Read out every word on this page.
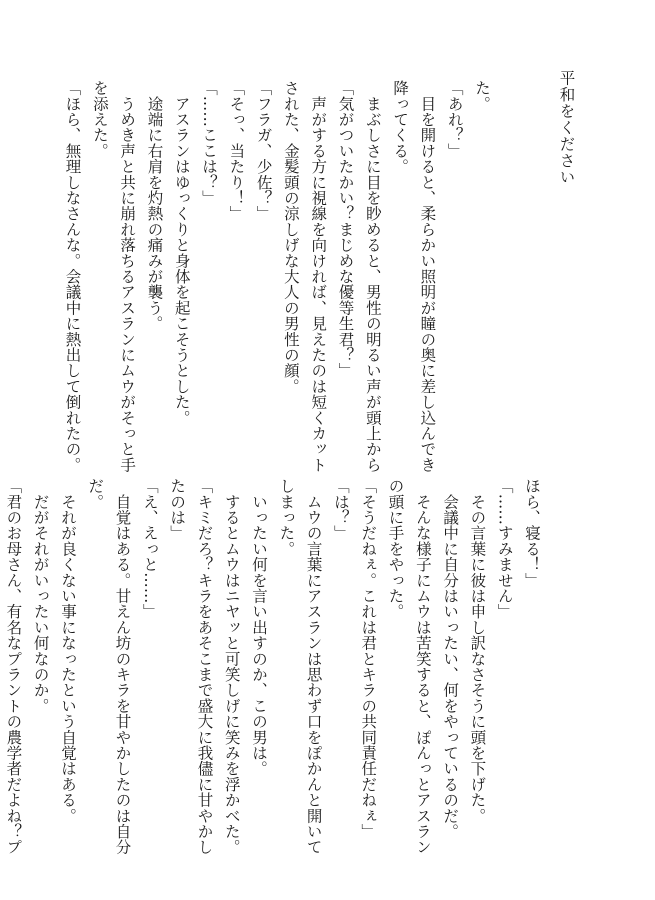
平和をください
た。
「あれ？」
　目を開けると、柔らかい照明が瞳の奥に差し込んでき
降ってくる。
　まぶしさに目を眇めると、男性の明るい声が頭上から
「気がついたかい？まじめな優等生君？」
　声がする方に視線を向ければ、見えたのは短くカット
された、金髪頭の涼しげな大人の男性の顔。
「フラガ、少佐？」
「そっ、当たり！」
「……ここは？」
　アスランはゆっくりと身体を起こそうとした。
　途端に右肩を灼熱の痛みが襲う。
　うめき声と共に崩れ落ちるアスランにムウがそっと手
を添えた。
「ほら、無理しなさんな。会議中に熱出して倒れたの。
ほら、寝る！」
「……すみません」
　その言葉に彼は申し訳なさそうに頭を下げた。
　会議中に自分はいったい、何をやっているのだ。
　そんな様子にムウは苦笑すると、ぽんっとアスラン
の頭に手をやった。
「そうだねぇ。これは君とキラの共同責任だねぇ」
「は？」
　ムウの言葉にアスランは思わず口をぽかんと開いて
しまった。
　いったい何を言い出すのか、この男は。
　するとムウはニヤッと可笑しげに笑みを浮かべた。
「キミだろ？キラをあそこまで盛大に我儘に甘やかし
たのは」
「え、えっと……」
　自覚はある。甘えん坊のキラを甘やかしたのは自分
だ。
　それが良くない事になったという自覚はある。
　だがそれがいったい何なのか。
「君のお母さん、有名なプラントの農学者だよね？プ
